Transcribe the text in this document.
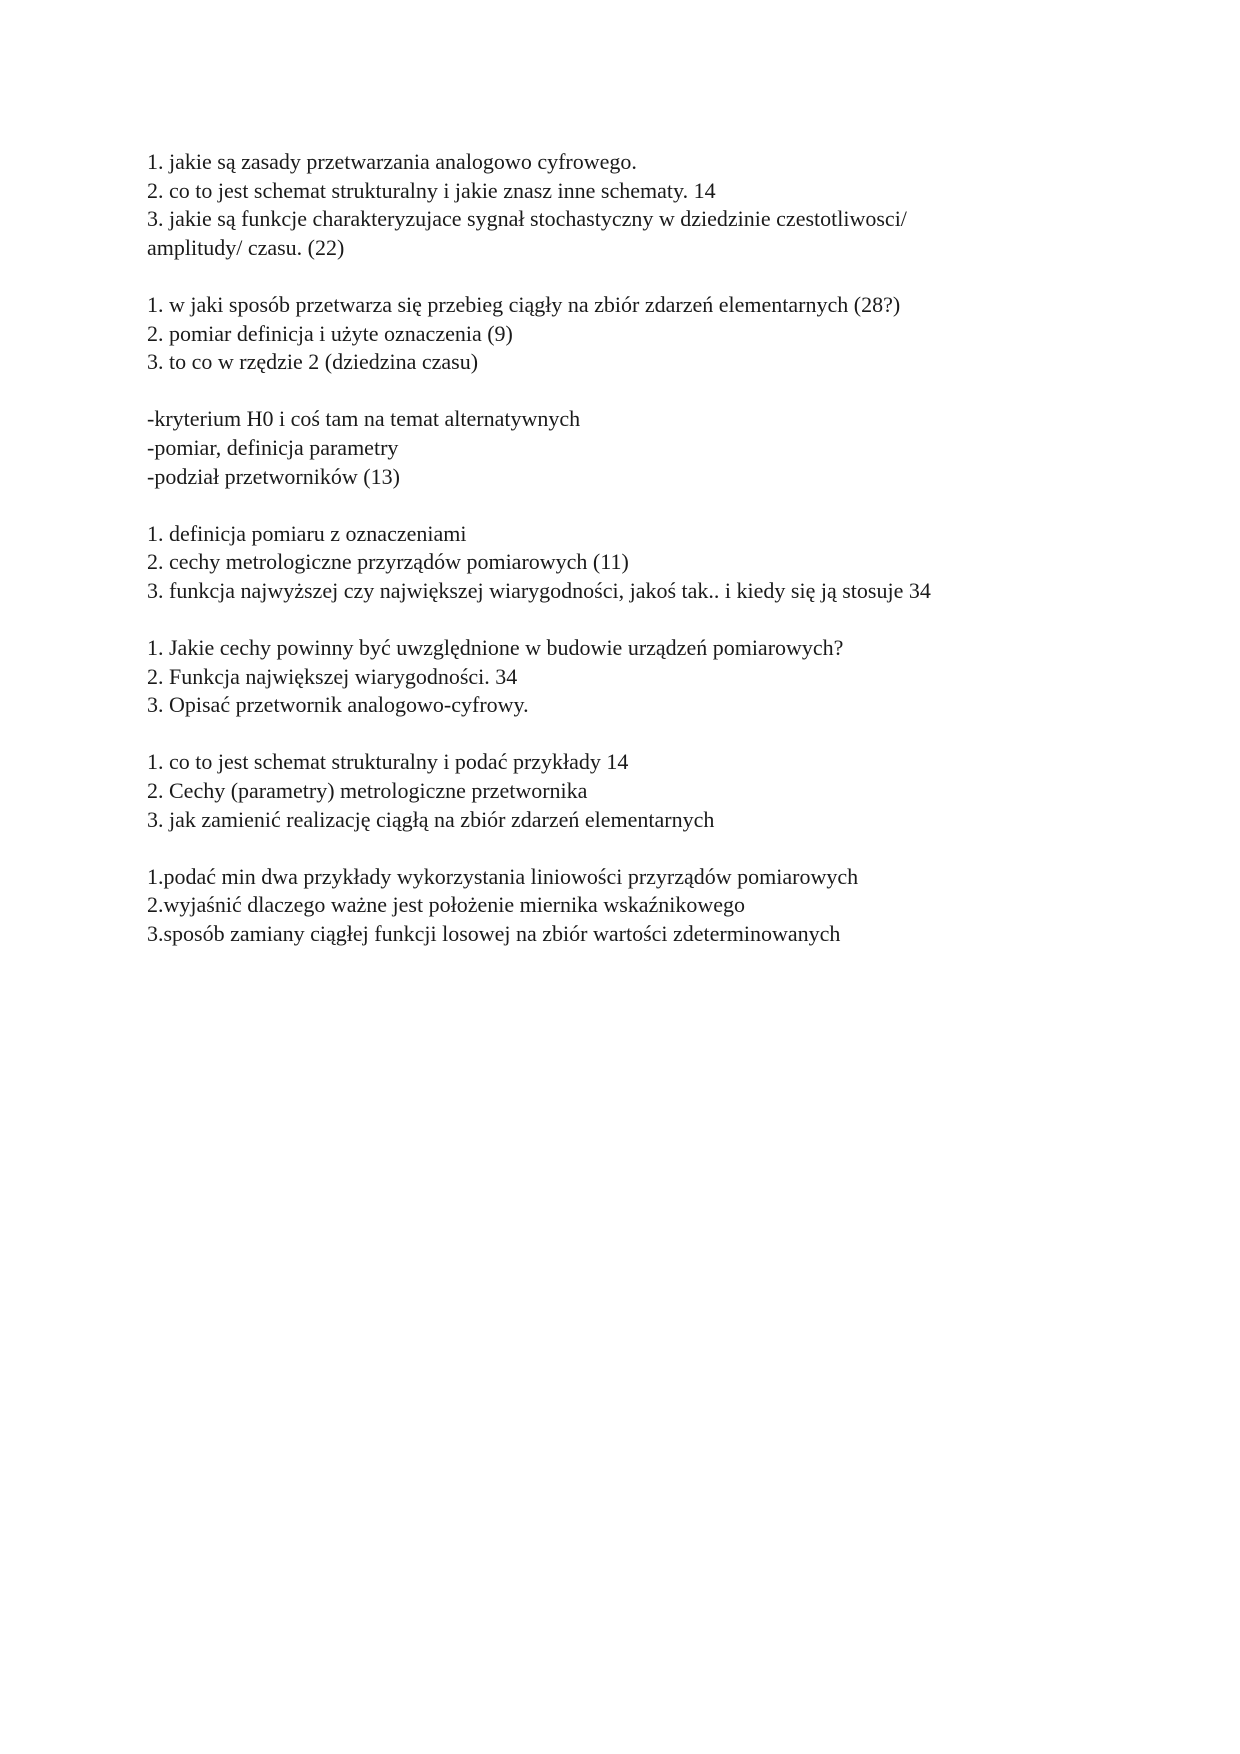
1. jakie są zasady przetwarzania analogowo cyfrowego.
2. co to jest schemat strukturalny i jakie znasz inne schematy. 14
3. jakie są funkcje charakteryzujace sygnał stochastyczny w dziedzinie czestotliwosci/
amplitudy/ czasu. (22)
1. w jaki sposób przetwarza się przebieg ciągły na zbiór zdarzeń elementarnych (28?)
2. pomiar definicja i użyte oznaczenia (9)
3. to co w rzędzie 2 (dziedzina czasu)
-kryterium H0 i coś tam na temat alternatywnych
-pomiar, definicja parametry
-podział przetworników (13)
1. definicja pomiaru z oznaczeniami
2. cechy metrologiczne przyrządów pomiarowych (11)
3. funkcja najwyższej czy największej wiarygodności, jakoś tak.. i kiedy się ją stosuje 34
1. Jakie cechy powinny być uwzględnione w budowie urządzeń pomiarowych?
2. Funkcja największej wiarygodności. 34
3. Opisać przetwornik analogowo-cyfrowy.
1. co to jest schemat strukturalny i podać przykłady 14
2. Cechy (parametry) metrologiczne przetwornika
3. jak zamienić realizację ciągłą na zbiór zdarzeń elementarnych
1.podać min dwa przykłady wykorzystania liniowości przyrządów pomiarowych
2.wyjaśnić dlaczego ważne jest położenie miernika wskaźnikowego
3.sposób zamiany ciągłej funkcji losowej na zbiór wartości zdeterminowanych
